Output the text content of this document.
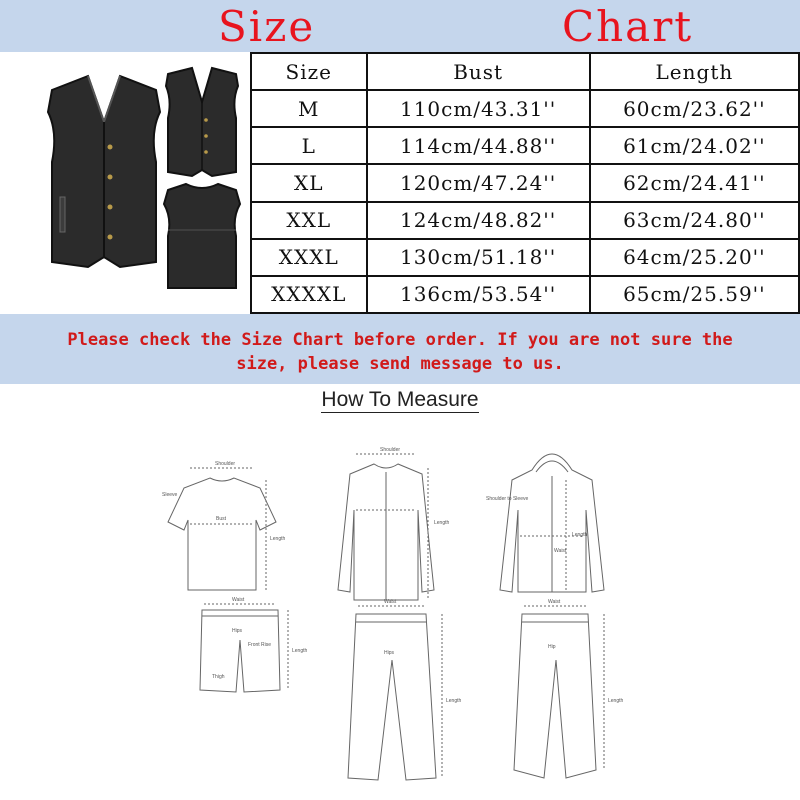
Size	Chart
Size	Bust	Length
M	110cm/43.31''	60cm/23.62''
L	114cm/44.88''	61cm/24.02''
XL	120cm/47.24''	62cm/24.41''
XXL	124cm/48.82''	63cm/24.80''
XXXL	130cm/51.18''	64cm/25.20''
XXXXL	136cm/53.54''	65cm/25.59''
Please check the Size Chart before order. If you are not sure the
size, please send message to us.
How To Measure
Shoulder
Bust
Length
Sleeve
Shoulder
Length
Length
Waist
Shoulder to Sleeve
Waist
Hips
Front Rise
Thigh
Length
Waist
Hips
Length
Waist
Hip
Length
